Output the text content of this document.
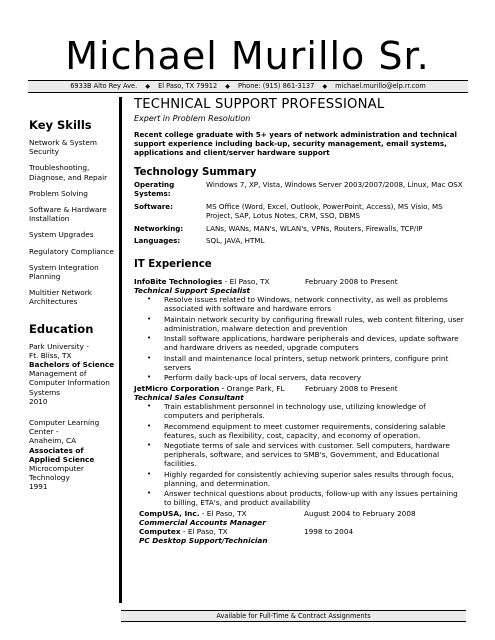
Michael Murillo Sr.
6933B Alto Rey Ave. ◆ El Paso, TX 79912 ◆ Phone: (915) 861-3137 ◆ michael.murillo@elp.rr.com
Key Skills
Network & System Security
Troubleshooting, Diagnose, and Repair
Problem Solving
Software & Hardware Installation
System Upgrades
Regulatory Compliance
System Integration Planning
Multitier Network Architectures
Education
Park University -
Ft. Bliss, TX
Bachelors of Science
Management of Computer Information Systems
2010
Computer Learning Center -
Anaheim, CA
Associates of Applied Science
Microcomputer Technology
1991
TECHNICAL SUPPORT PROFESSIONAL
Expert in Problem Resolution
Recent college graduate with 5+ years of network administration and technical support experience including back-up, security management, email systems, applications and client/server hardware support
Technology Summary
Operating Systems:	Windows 7, XP, Vista, Windows Server 2003/2007/2008, Linux, Mac OSX
Software:	MS Office (Word, Excel, Outlook, PowerPoint, Access), MS Visio, MS Project, SAP, Lotus Notes, CRM, SSO, DBMS
Networking:	LANs, WANs, MAN's, WLAN's, VPNs, Routers, Firewalls, TCP/IP
Languages:	SQL, JAVA, HTML
IT Experience
InfoBite Technologies - El Paso, TX	February 2008 to Present
Technical Support Specialist
• Resolve issues related to Windows, network connectivity, as well as problems associated with software and hardware errors
• Maintain network security by configuring firewall rules, web content filtering, user administration, malware detection and prevention
• Install software applications, hardware peripherals and devices, update software and hardware drivers as needed, upgrade computers
• Install and maintenance local printers, setup network printers, configure print servers
• Perform daily back-ups of local servers, data recovery
JetMicro Corporation - Orange Park, FL	February 2008 to Present
Technical Sales Consultant
• Train establishment personnel in technology use, utilizing knowledge of computers and peripherals.
• Recommend equipment to meet customer requirements, considering salable features, such as flexibility, cost, capacity, and economy of operation.
• Negotiate terms of sale and services with customer. Sell computers, hardware peripherals, software, and services to SMB's, Government, and Educational facilities.
• Highly regarded for consistently achieving superior sales results through focus, planning, and determination.
• Answer technical questions about products, follow-up with any issues pertaining to billing, ETA's, and product availability
CompUSA, Inc. - El Paso, TX	August 2004 to February 2008
Commercial Accounts Manager
Computex - El Paso, TX	1998 to 2004
PC Desktop Support/Technician
Available for Full-Time & Contract Assignments
